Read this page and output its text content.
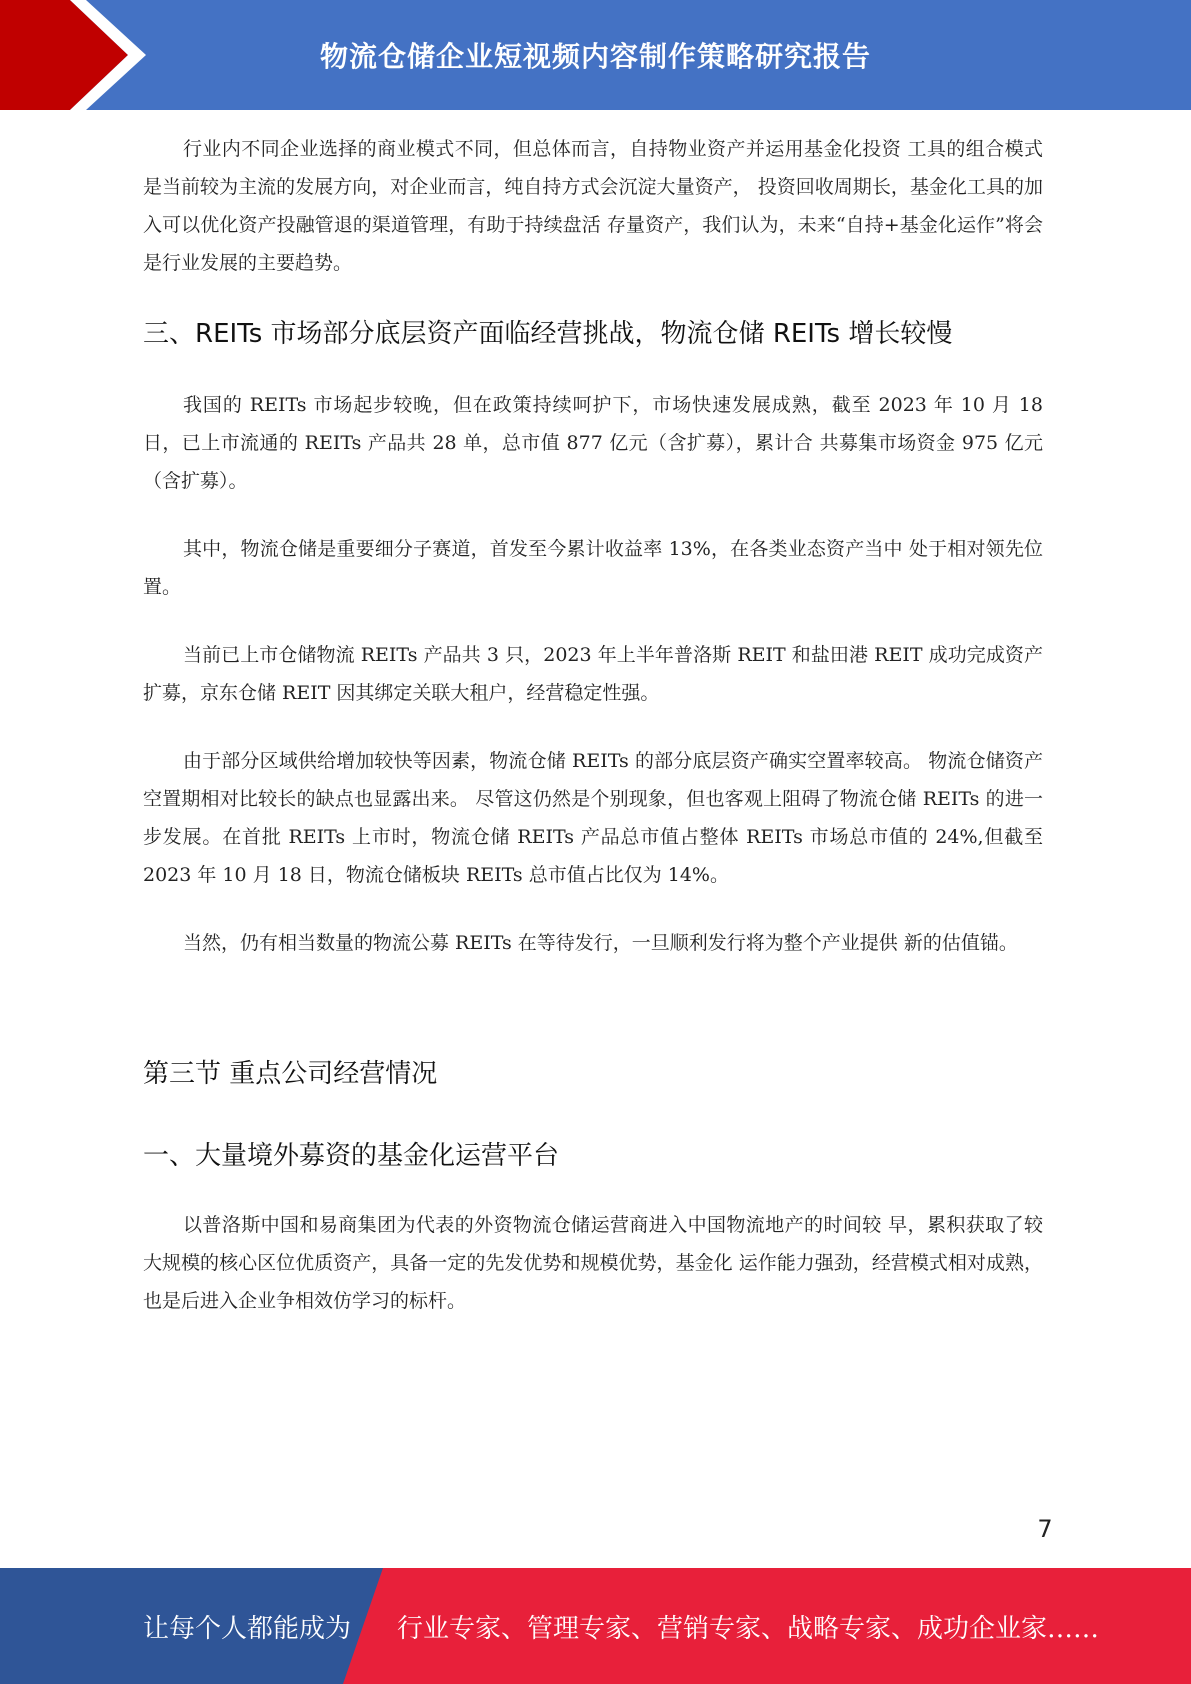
物流仓储企业短视频内容制作策略研究报告

行业内不同企业选择的商业模式不同，但总体而言，自持物业资产并运用基金化投资 工具的组合模式是当前较为主流的发展方向，对企业而言，纯自持方式会沉淀大量资产， 投资回收周期长，基金化工具的加入可以优化资产投融管退的渠道管理，有助于持续盘活 存量资产，我们认为，未来“自持+基金化运作”将会是行业发展的主要趋势。

三、REITs 市场部分底层资产面临经营挑战，物流仓储 REITs 增长较慢

我国的 REITs 市场起步较晚，但在政策持续呵护下，市场快速发展成熟，截至 2023 年 10 月 18 日，已上市流通的 REITs 产品共 28 单，总市值 877 亿元（含扩募），累计合 共募集市场资金 975 亿元（含扩募）。

其中，物流仓储是重要细分子赛道，首发至今累计收益率 13%，在各类业态资产当中 处于相对领先位置。

当前已上市仓储物流 REITs 产品共 3 只，2023 年上半年普洛斯 REIT 和盐田港 REIT 成功完成资产扩募，京东仓储 REIT 因其绑定关联大租户，经营稳定性强。

由于部分区域供给增加较快等因素，物流仓储 REITs 的部分底层资产确实空置率较高。 物流仓储资产空置期相对比较长的缺点也显露出来。 尽管这仍然是个别现象，但也客观上阻碍了物流仓储 REITs 的进一步发展。在首批 REITs 上市时，物流仓储 REITs 产品总市值占整体 REITs 市场总市值的 24%,但截至 2023 年 10 月 18 日，物流仓储板块 REITs 总市值占比仅为 14%。

当然，仍有相当数量的物流公募 REITs 在等待发行，一旦顺利发行将为整个产业提供 新的估值锚。

第三节 重点公司经营情况
一、大量境外募资的基金化运营平台

以普洛斯中国和易商集团为代表的外资物流仓储运营商进入中国物流地产的时间较 早，累积获取了较大规模的核心区位优质资产，具备一定的先发优势和规模优势，基金化 运作能力强劲，经营模式相对成熟，也是后进入企业争相效仿学习的标杆。

7
让每个人都能成为 行业专家、管理专家、营销专家、战略专家、成功企业家……
